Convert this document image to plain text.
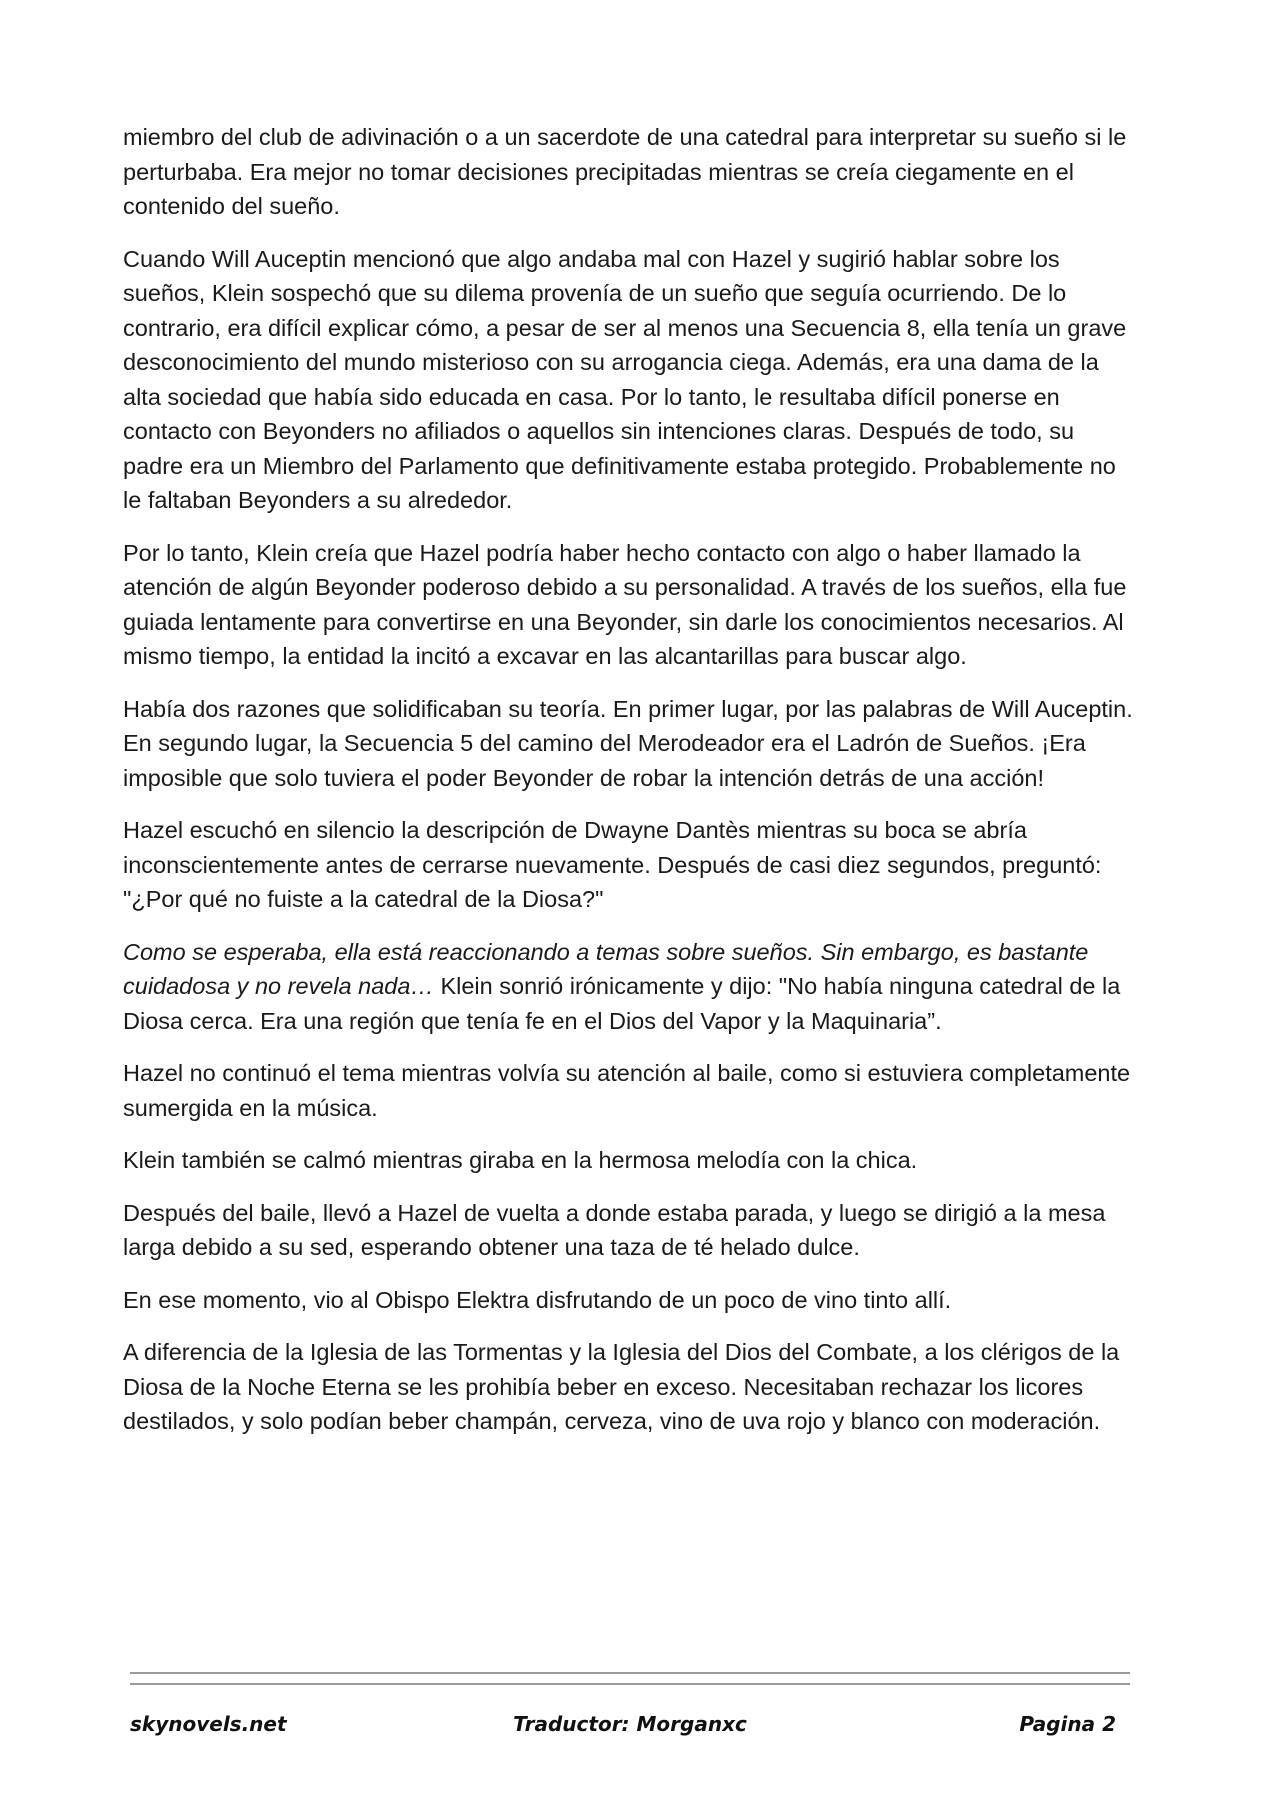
miembro del club de adivinación o a un sacerdote de una catedral para interpretar su sueño si le perturbaba. Era mejor no tomar decisiones precipitadas mientras se creía ciegamente en el contenido del sueño.

Cuando Will Auceptin mencionó que algo andaba mal con Hazel y sugirió hablar sobre los sueños, Klein sospechó que su dilema provenía de un sueño que seguía ocurriendo. De lo contrario, era difícil explicar cómo, a pesar de ser al menos una Secuencia 8, ella tenía un grave desconocimiento del mundo misterioso con su arrogancia ciega. Además, era una dama de la alta sociedad que había sido educada en casa. Por lo tanto, le resultaba difícil ponerse en contacto con Beyonders no afiliados o aquellos sin intenciones claras. Después de todo, su padre era un Miembro del Parlamento que definitivamente estaba protegido. Probablemente no le faltaban Beyonders a su alrededor.

Por lo tanto, Klein creía que Hazel podría haber hecho contacto con algo o haber llamado la atención de algún Beyonder poderoso debido a su personalidad. A través de los sueños, ella fue guiada lentamente para convertirse en una Beyonder, sin darle los conocimientos necesarios. Al mismo tiempo, la entidad la incitó a excavar en las alcantarillas para buscar algo.

Había dos razones que solidificaban su teoría. En primer lugar, por las palabras de Will Auceptin. En segundo lugar, la Secuencia 5 del camino del Merodeador era el Ladrón de Sueños. ¡Era imposible que solo tuviera el poder Beyonder de robar la intención detrás de una acción!

Hazel escuchó en silencio la descripción de Dwayne Dantès mientras su boca se abría inconscientemente antes de cerrarse nuevamente. Después de casi diez segundos, preguntó: "¿Por qué no fuiste a la catedral de la Diosa?"

Como se esperaba, ella está reaccionando a temas sobre sueños. Sin embargo, es bastante cuidadosa y no revela nada… Klein sonrió irónicamente y dijo: "No había ninguna catedral de la Diosa cerca. Era una región que tenía fe en el Dios del Vapor y la Maquinaria”.

Hazel no continuó el tema mientras volvía su atención al baile, como si estuviera completamente sumergida en la música.

Klein también se calmó mientras giraba en la hermosa melodía con la chica.

Después del baile, llevó a Hazel de vuelta a donde estaba parada, y luego se dirigió a la mesa larga debido a su sed, esperando obtener una taza de té helado dulce.

En ese momento, vio al Obispo Elektra disfrutando de un poco de vino tinto allí.

A diferencia de la Iglesia de las Tormentas y la Iglesia del Dios del Combate, a los clérigos de la Diosa de la Noche Eterna se les prohibía beber en exceso. Necesitaban rechazar los licores destilados, y solo podían beber champán, cerveza, vino de uva rojo y blanco con moderación.

skynovels.net	Traductor: Morganxc	Pagina 2
